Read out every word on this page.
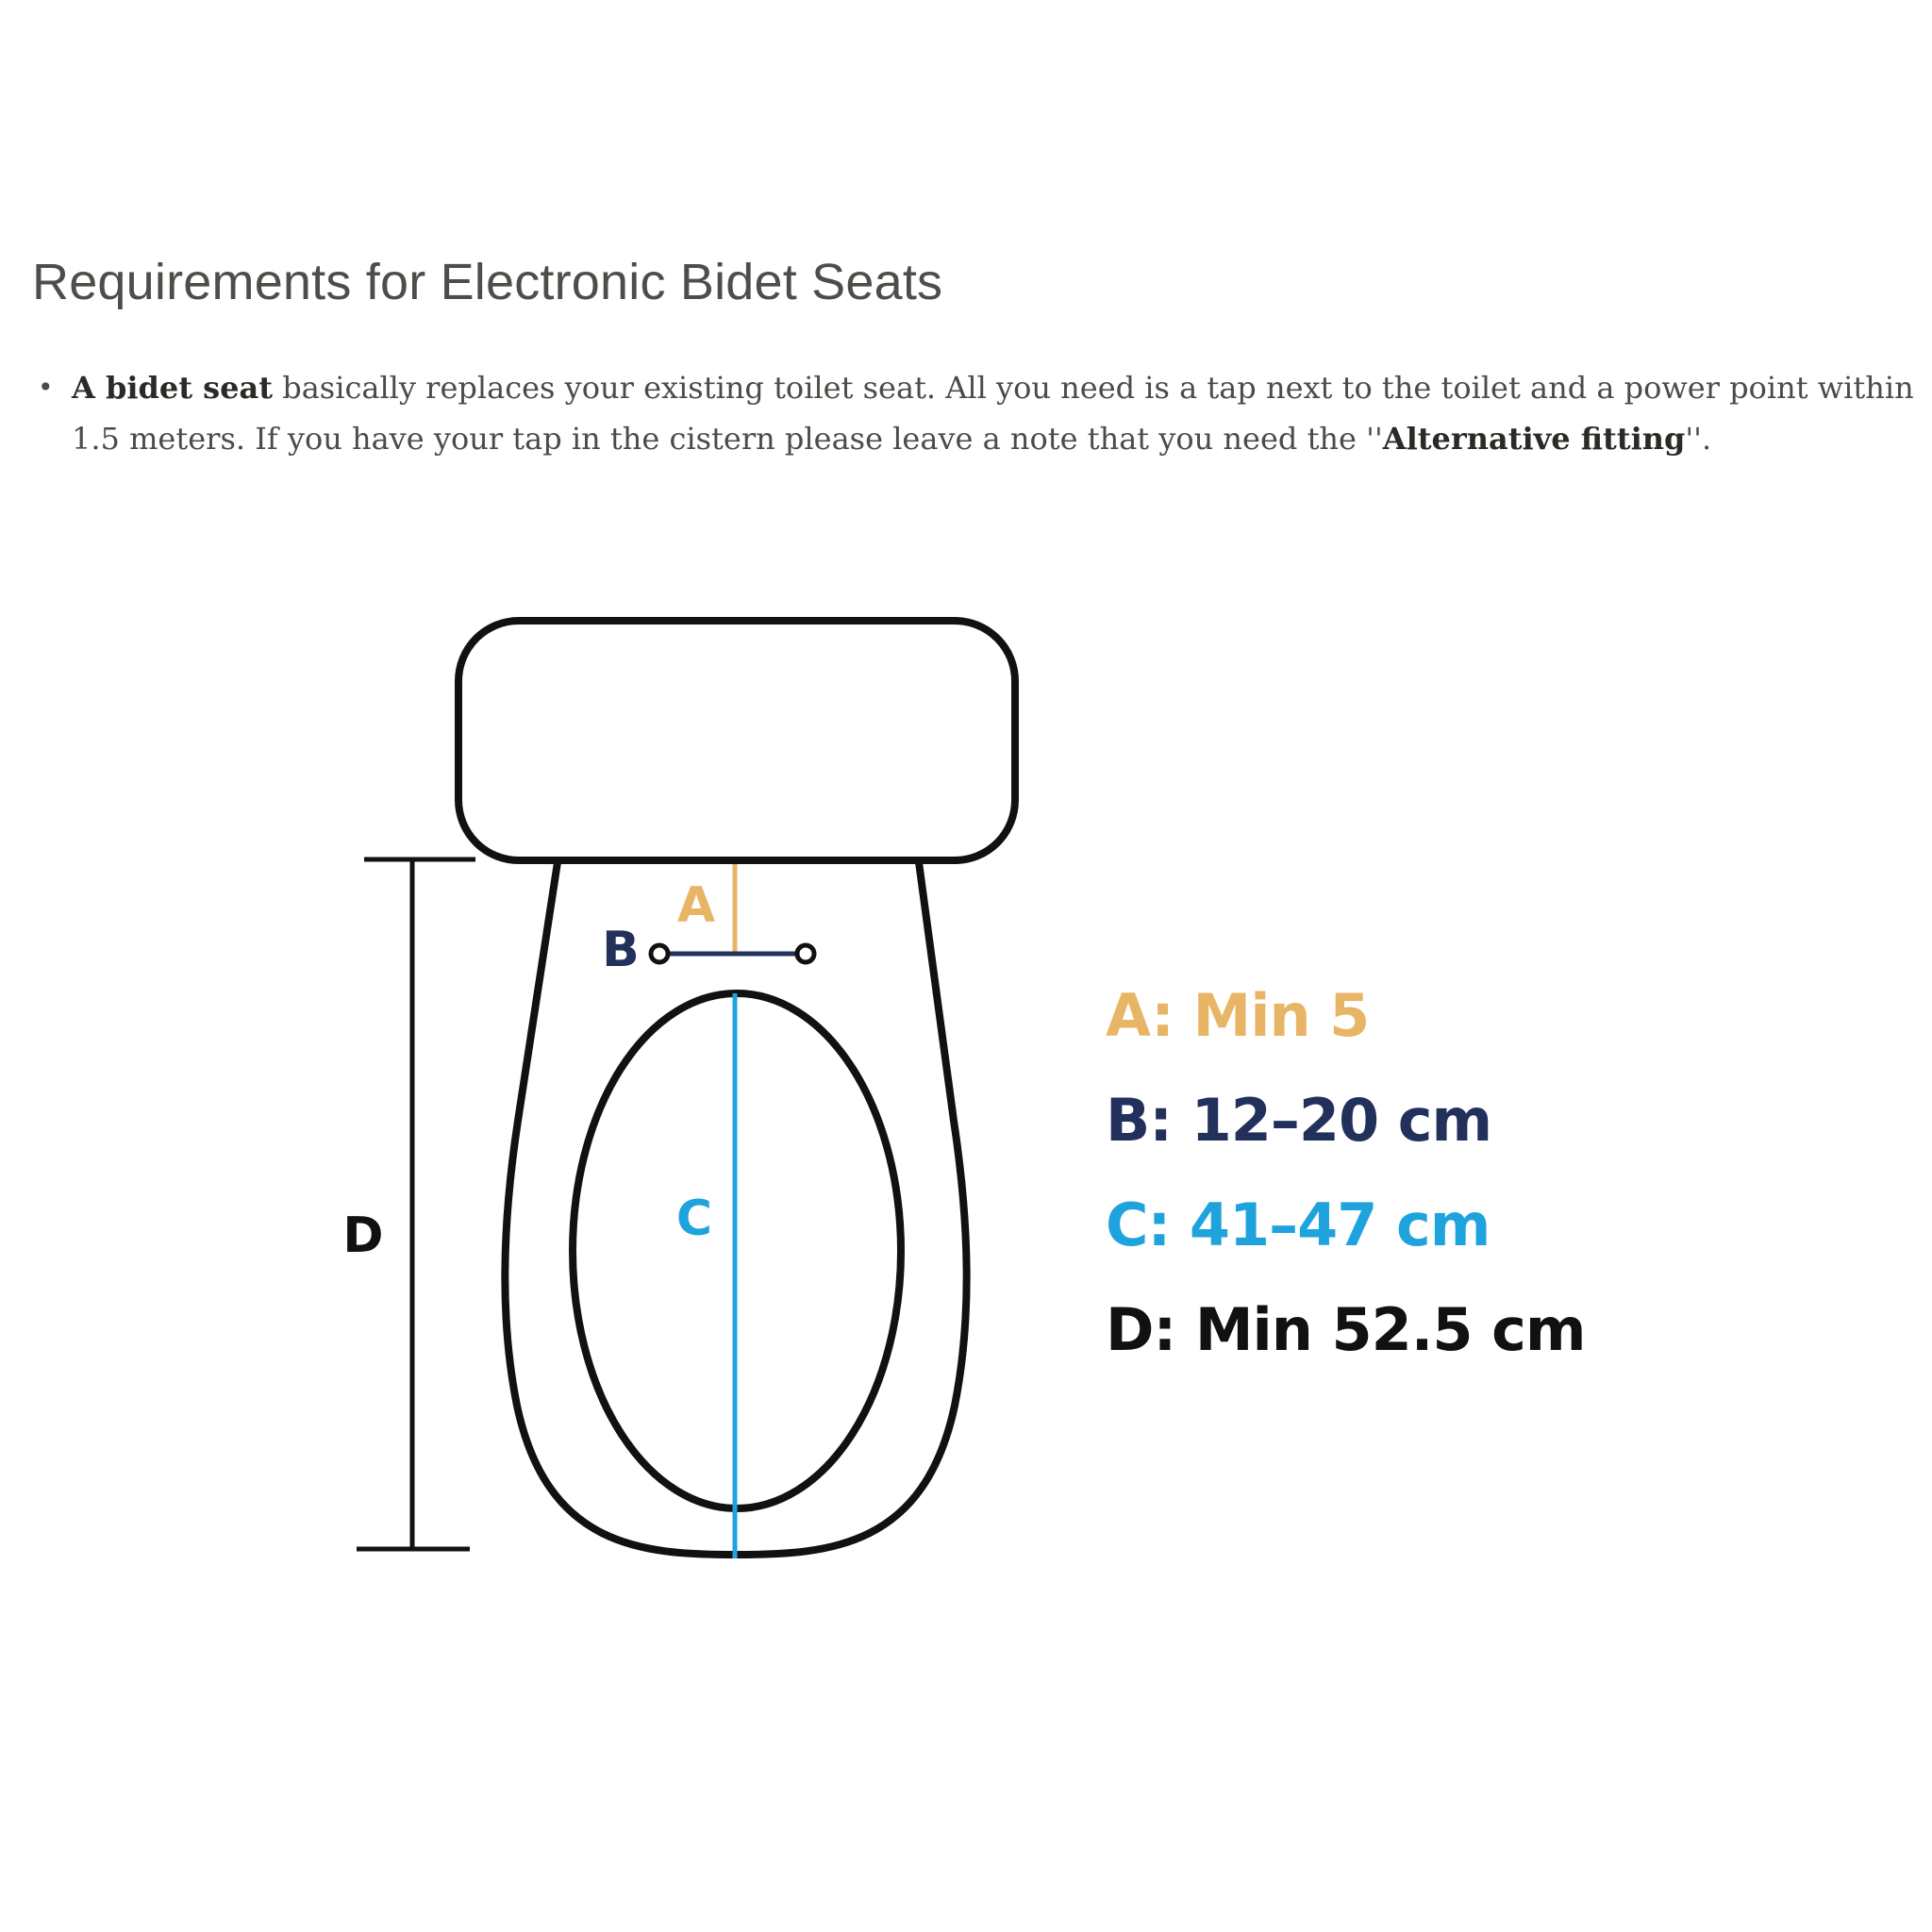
Requirements for Electronic Bidet Seats
• A bidet seat basically replaces your existing toilet seat. All you need is a tap next to the toilet and a power point within 1.5 meters. If you have your tap in the cistern please leave a note that you need the ''Alternative fitting''.
D
A
B
C
A: Min 5
B: 12–20 cm
C: 41–47 cm
D: Min 52.5 cm
